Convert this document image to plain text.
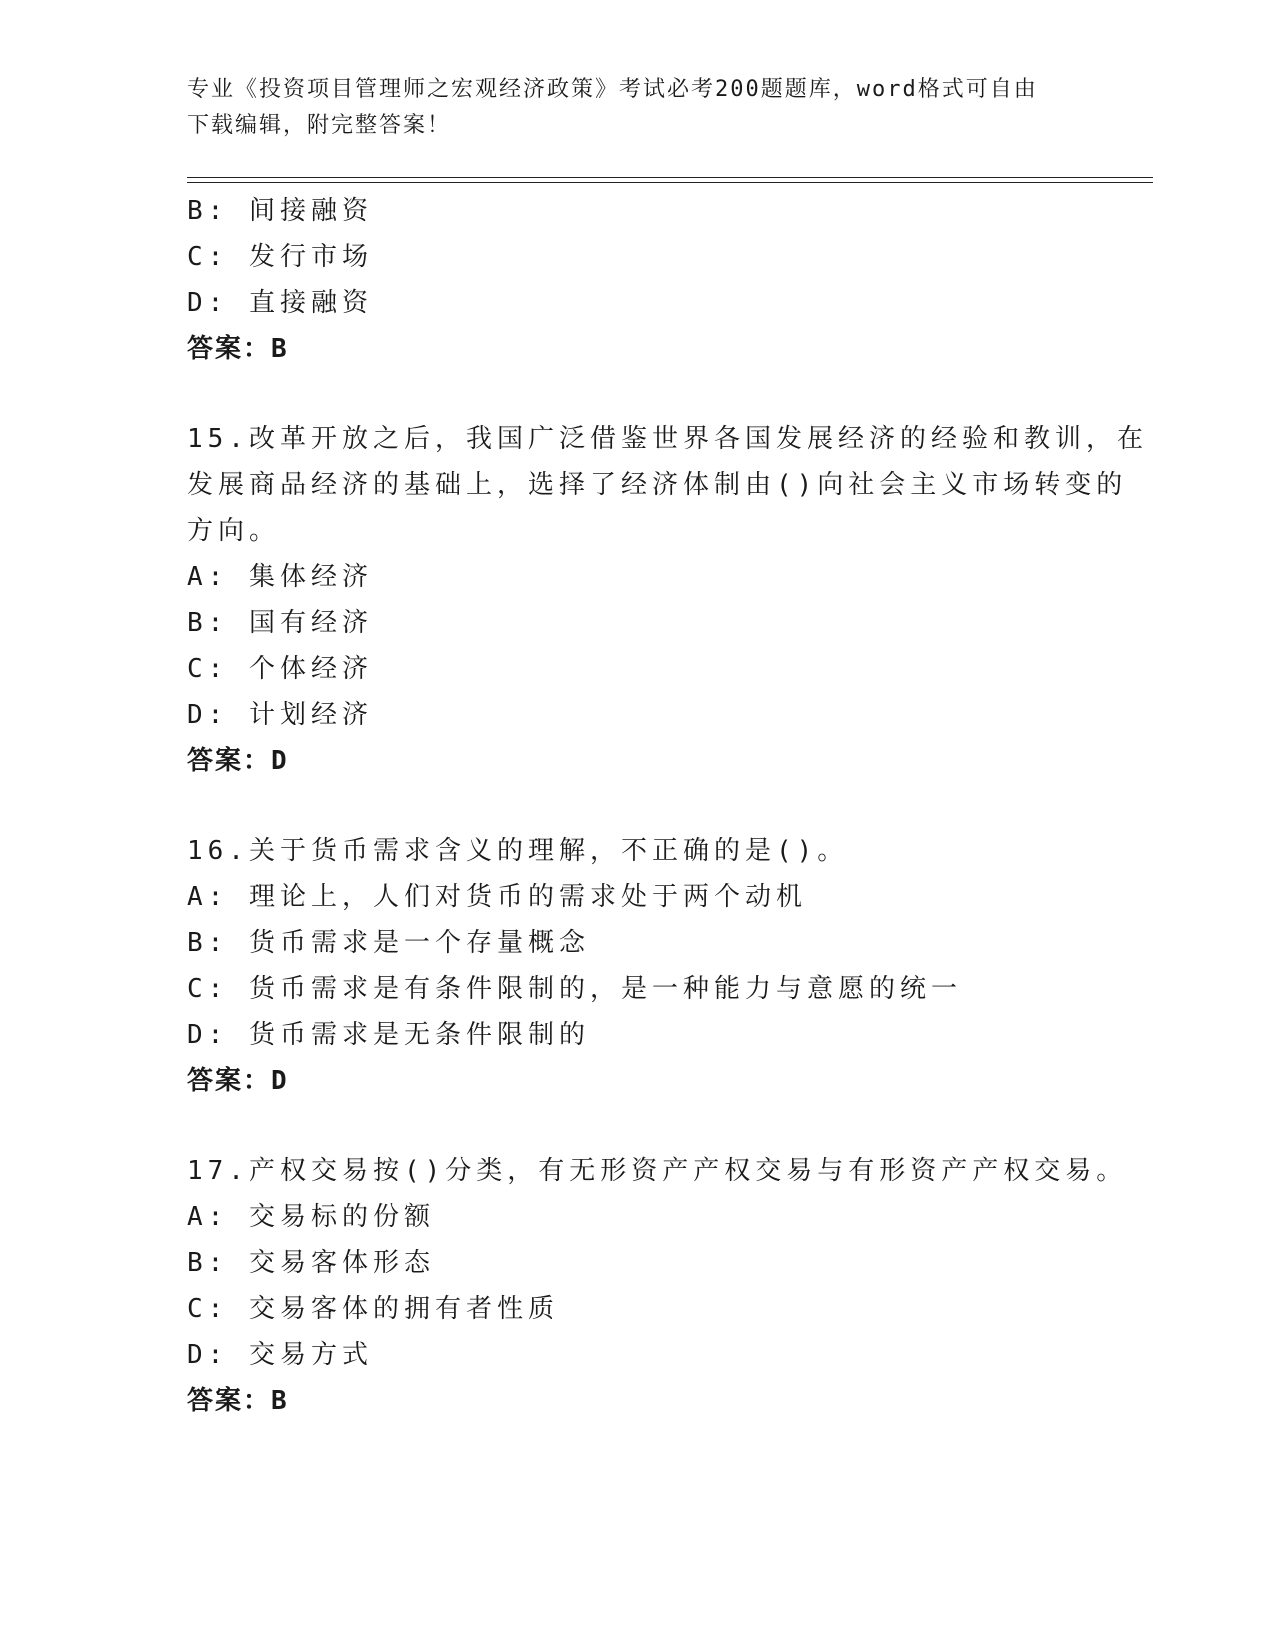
专业《投资项目管理师之宏观经济政策》考试必考200题题库，word格式可自由
下载编辑，附完整答案！
B: 间接融资
C: 发行市场
D: 直接融资
答案：B
15.改革开放之后，我国广泛借鉴世界各国发展经济的经验和教训，在
发展商品经济的基础上，选择了经济体制由()向社会主义市场转变的
方向。
A: 集体经济
B: 国有经济
C: 个体经济
D: 计划经济
答案：D
16.关于货币需求含义的理解，不正确的是()。
A: 理论上，人们对货币的需求处于两个动机
B: 货币需求是一个存量概念
C: 货币需求是有条件限制的，是一种能力与意愿的统一
D: 货币需求是无条件限制的
答案：D
17.产权交易按()分类，有无形资产产权交易与有形资产产权交易。
A: 交易标的份额
B: 交易客体形态
C: 交易客体的拥有者性质
D: 交易方式
答案：B
